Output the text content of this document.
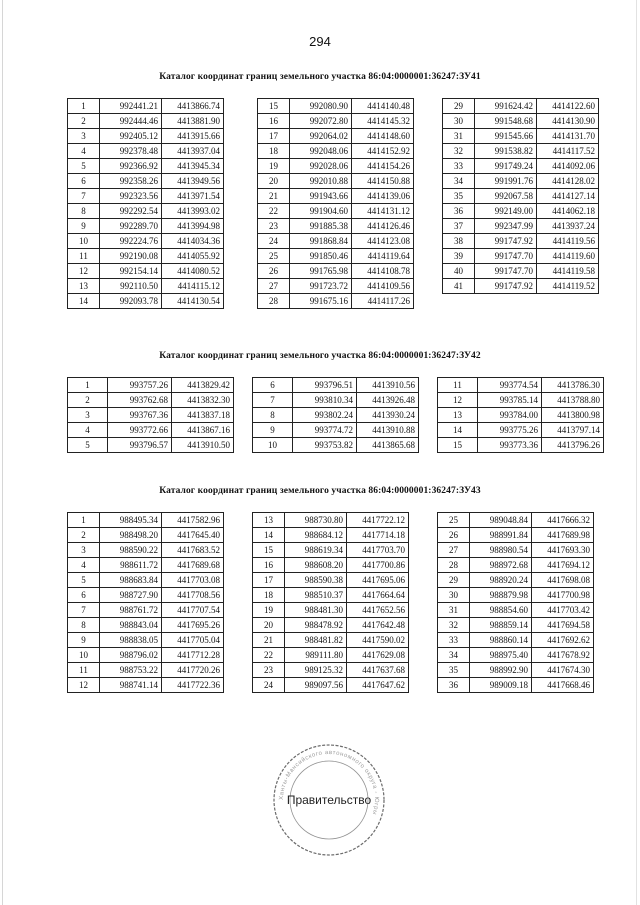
294
Каталог координат границ земельного участка 86:04:0000001:36247:ЗУ41
1	992441.21	4413866.74
2	992444.46	4413881.90
3	992405.12	4413915.66
4	992378.48	4413937.04
5	992366.92	4413945.34
6	992358.26	4413949.56
7	992323.56	4413971.54
8	992292.54	4413993.02
9	992289.70	4413994.98
10	992224.76	4414034.36
11	992190.08	4414055.92
12	992154.14	4414080.52
13	992110.50	4414115.12
14	992093.78	4414130.54
15	992080.90	4414140.48
16	992072.80	4414145.32
17	992064.02	4414148.60
18	992048.06	4414152.92
19	992028.06	4414154.26
20	992010.88	4414150.88
21	991943.66	4414139.06
22	991904.60	4414131.12
23	991885.38	4414126.46
24	991868.84	4414123.08
25	991850.46	4414119.64
26	991765.98	4414108.78
27	991723.72	4414109.56
28	991675.16	4414117.26
29	991624.42	4414122.60
30	991548.68	4414130.90
31	991545.66	4414131.70
32	991538.82	4414117.52
33	991749.24	4414092.06
34	991991.76	4414128.02
35	992067.58	4414127.14
36	992149.00	4414062.18
37	992347.99	4413937.24
38	991747.92	4414119.56
39	991747.70	4414119.60
40	991747.70	4414119.58
41	991747.92	4414119.52

Каталог координат границ земельного участка 86:04:0000001:36247:ЗУ42
1	993757.26	4413829.42
2	993762.68	4413832.30
3	993767.36	4413837.18
4	993772.66	4413867.16
5	993796.57	4413910.50
6	993796.51	4413910.56
7	993810.34	4413926.48
8	993802.24	4413930.24
9	993774.72	4413910.88
10	993753.82	4413865.68
11	993774.54	4413786.30
12	993785.14	4413788.80
13	993784.00	4413800.98
14	993775.26	4413797.14
15	993773.36	4413796.26
Каталог координат границ земельного участка 86:04:0000001:36247:ЗУ43
1	988495.34	4417582.96
2	988498.20	4417645.40
3	988590.22	4417683.52
4	988611.72	4417689.68
5	988683.84	4417703.08
6	988727.90	4417708.56
7	988761.72	4417707.54
8	988843.04	4417695.26
9	988838.05	4417705.04
10	988796.02	4417712.28
11	988753.22	4417720.26
12	988741.14	4417722.36
13	988730.80	4417722.12
14	988684.12	4417714.18
15	988619.34	4417703.70
16	988608.20	4417700.86
17	988590.38	4417695.06
18	988510.37	4417664.64
19	988481.30	4417652.56
20	988478.92	4417642.48
21	988481.82	4417590.02
22	989111.80	4417629.08
23	989125.32	4417637.68
24	989097.56	4417647.62
25	989048.84	4417666.32
26	988991.84	4417689.98
27	988980.54	4417693.30
28	988972.68	4417694.12
29	988920.24	4417698.08
30	988879.98	4417700.98
31	988854.60	4417703.42
32	988859.14	4417694.58
33	988860.14	4417692.62
34	988975.40	4417678.92
35	988992.90	4417674.30
36	989009.18	4417668.46
Ханты-Мансийского автономного округа - Югры
Правительство
